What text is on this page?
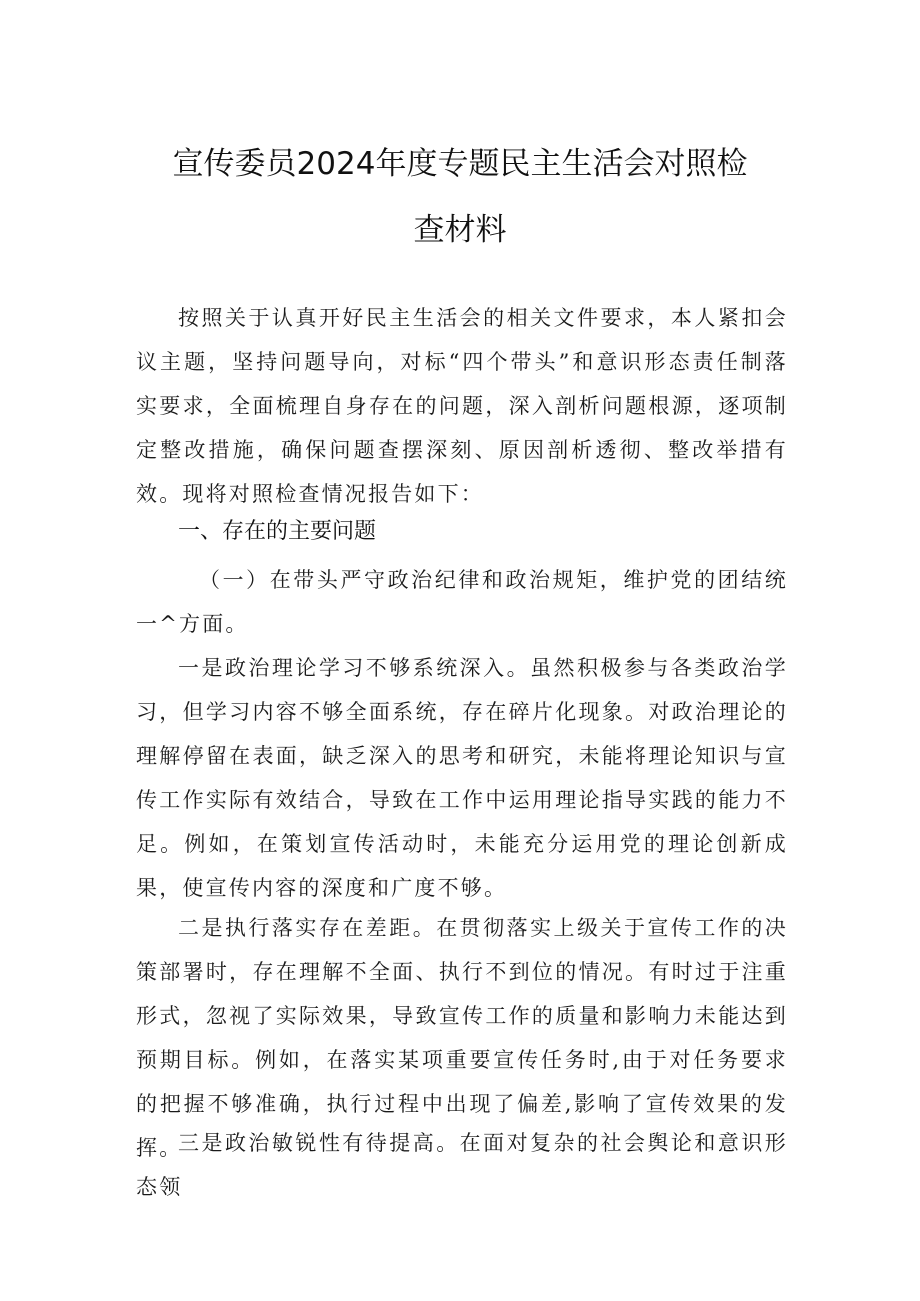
宣传委员2024年度专题民主生活会对照检
查材料

按照关于认真开好民主生活会的相关文件要求，本人紧扣会议主题，坚持问题导向，对标“四个带头”和意识形态责任制落实要求，全面梳理自身存在的问题，深入剖析问题根源，逐项制定整改措施，确保问题查摆深刻、原因剖析透彻、整改举措有效。现将对照检查情况报告如下：

一、存在的主要问题

（一）在带头严守政治纪律和政治规矩，维护党的团结统一^方面。

一是政治理论学习不够系统深入。虽然积极参与各类政治学习，但学习内容不够全面系统，存在碎片化现象。对政治理论的理解停留在表面，缺乏深入的思考和研究，未能将理论知识与宣传工作实际有效结合，导致在工作中运用理论指导实践的能力不足。例如，在策划宣传活动时，未能充分运用党的理论创新成果，使宣传内容的深度和广度不够。

二是执行落实存在差距。在贯彻落实上级关于宣传工作的决策部署时，存在理解不全面、执行不到位的情况。有时过于注重形式，忽视了实际效果，导致宣传工作的质量和影响力未能达到预期目标。例如，在落实某项重要宣传任务时,由于对任务要求的把握不够准确，执行过程中出现了偏差,影响了宣传效果的发挥。

三是政治敏锐性有待提高。在面对复杂的社会舆论和意识形态领
